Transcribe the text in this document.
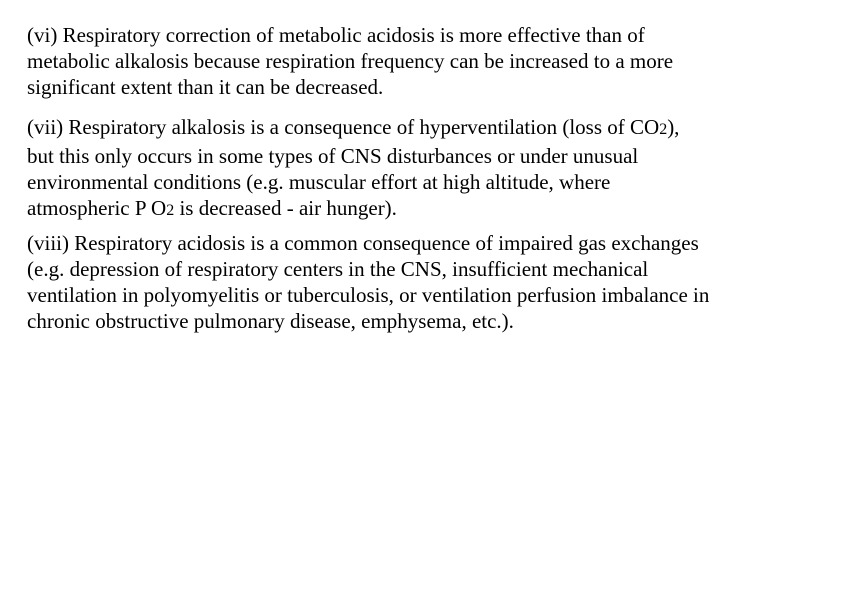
(vi) Respiratory correction of metabolic acidosis is more effective than of
metabolic alkalosis because respiration frequency can be increased to a more
significant extent than it can be decreased.

(vii) Respiratory alkalosis is a consequence of hyperventilation (loss of CO2),
but this only occurs in some types of CNS disturbances or under unusual
environmental conditions (e.g. muscular effort at high altitude, where
atmospheric P O2 is decreased - air hunger).

(viii) Respiratory acidosis is a common consequence of impaired gas exchanges
(e.g. depression of respiratory centers in the CNS, insufficient mechanical
ventilation in polyomyelitis or tuberculosis, or ventilation perfusion imbalance in
chronic obstructive pulmonary disease, emphysema, etc.).
